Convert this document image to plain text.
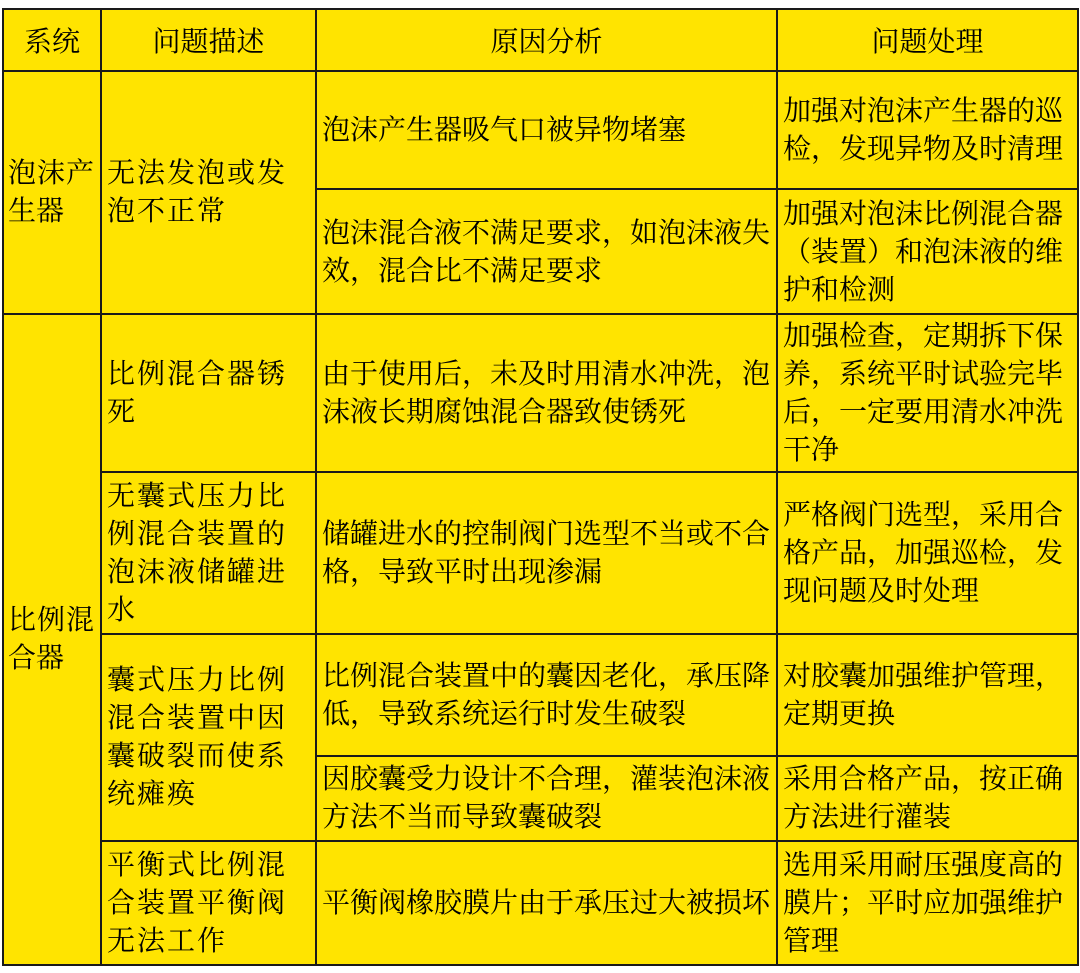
系统	问题描述	原因分析	问题处理

泡沫产生器	无法发泡或发泡不正常	泡沫产生器吸气口被异物堵塞	加强对泡沫产生器的巡检，发现异物及时清理
		泡沫混合液不满足要求，如泡沫液失效，混合比不满足要求	加强对泡沫比例混合器（装置）和泡沫液的维护和检测

比例混合器	比例混合器锈死	由于使用后，未及时用清水冲洗，泡沫液长期腐蚀混合器致使锈死	加强检查，定期拆下保养，系统平时试验完毕后，一定要用清水冲洗干净
	无囊式压力比例混合装置的泡沫液储罐进水	储罐进水的控制阀门选型不当或不合格，导致平时出现渗漏	严格阀门选型，采用合格产品，加强巡检，发现问题及时处理
	囊式压力比例混合装置中因囊破裂而使系统瘫痪	比例混合装置中的囊因老化，承压降低，导致系统运行时发生破裂	对胶囊加强维护管理，定期更换
		因胶囊受力设计不合理，灌装泡沫液方法不当而导致囊破裂	采用合格产品，按正确方法进行灌装
	平衡式比例混合装置平衡阀无法工作	平衡阀橡胶膜片由于承压过大被损坏	选用采用耐压强度高的膜片；平时应加强维护管理
